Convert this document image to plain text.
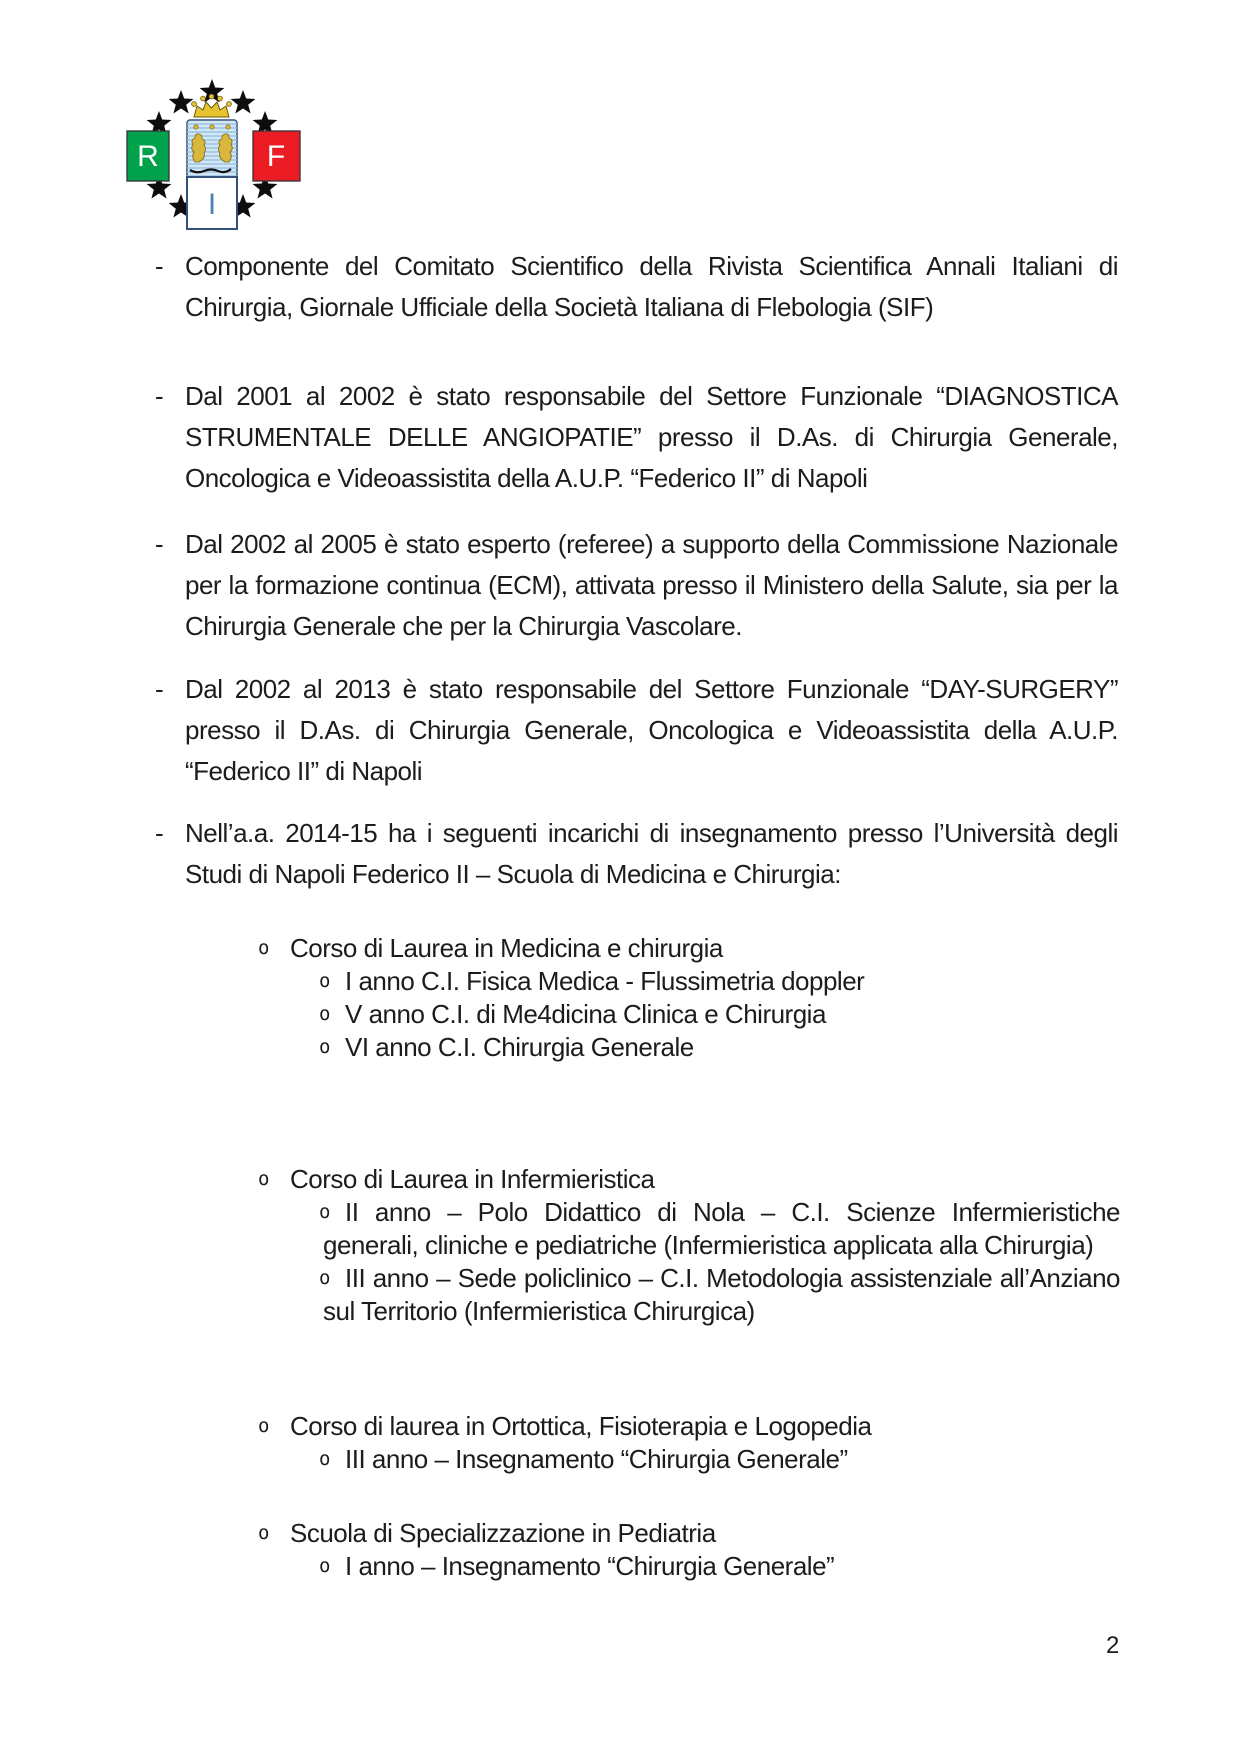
R	F
I
- Componente del Comitato Scientifico della Rivista Scientifica Annali Italiani di Chirurgia, Giornale Ufficiale della Società Italiana di Flebologia (SIF)

- Dal 2001 al 2002 è stato responsabile del Settore Funzionale “DIAGNOSTICA STRUMENTALE DELLE ANGIOPATIE” presso il D.As. di Chirurgia Generale, Oncologica e Videoassistita della A.U.P. “Federico II” di Napoli

- Dal 2002 al 2005 è stato esperto (referee) a supporto della Commissione Nazionale per la formazione continua (ECM), attivata presso il Ministero della Salute, sia per la Chirurgia Generale che per la Chirurgia Vascolare.

- Dal 2002 al 2013 è stato responsabile del Settore Funzionale “DAY-SURGERY” presso il D.As. di Chirurgia Generale, Oncologica e Videoassistita della A.U.P. “Federico II” di Napoli

- Nell’a.a. 2014-15 ha i seguenti incarichi di insegnamento presso l’Università degli Studi di Napoli Federico II – Scuola di Medicina e Chirurgia:

o Corso di Laurea in Medicina e chirurgia
o I anno C.I. Fisica Medica - Flussimetria doppler
o V anno C.I. di Me4dicina Clinica e Chirurgia
o VI anno C.I. Chirurgia Generale
o Corso di Laurea in Infermieristica
o II anno – Polo Didattico di Nola – C.I. Scienze Infermieristiche generali, cliniche e pediatriche (Infermieristica applicata alla Chirurgia)
o III anno – Sede policlinico – C.I. Metodologia assistenziale all’Anziano sul Territorio (Infermieristica Chirurgica)
o Corso di laurea in Ortottica, Fisioterapia e Logopedia
o III anno – Insegnamento “Chirurgia Generale”
o Scuola di Specializzazione in Pediatria
o I anno – Insegnamento “Chirurgia Generale”
2
